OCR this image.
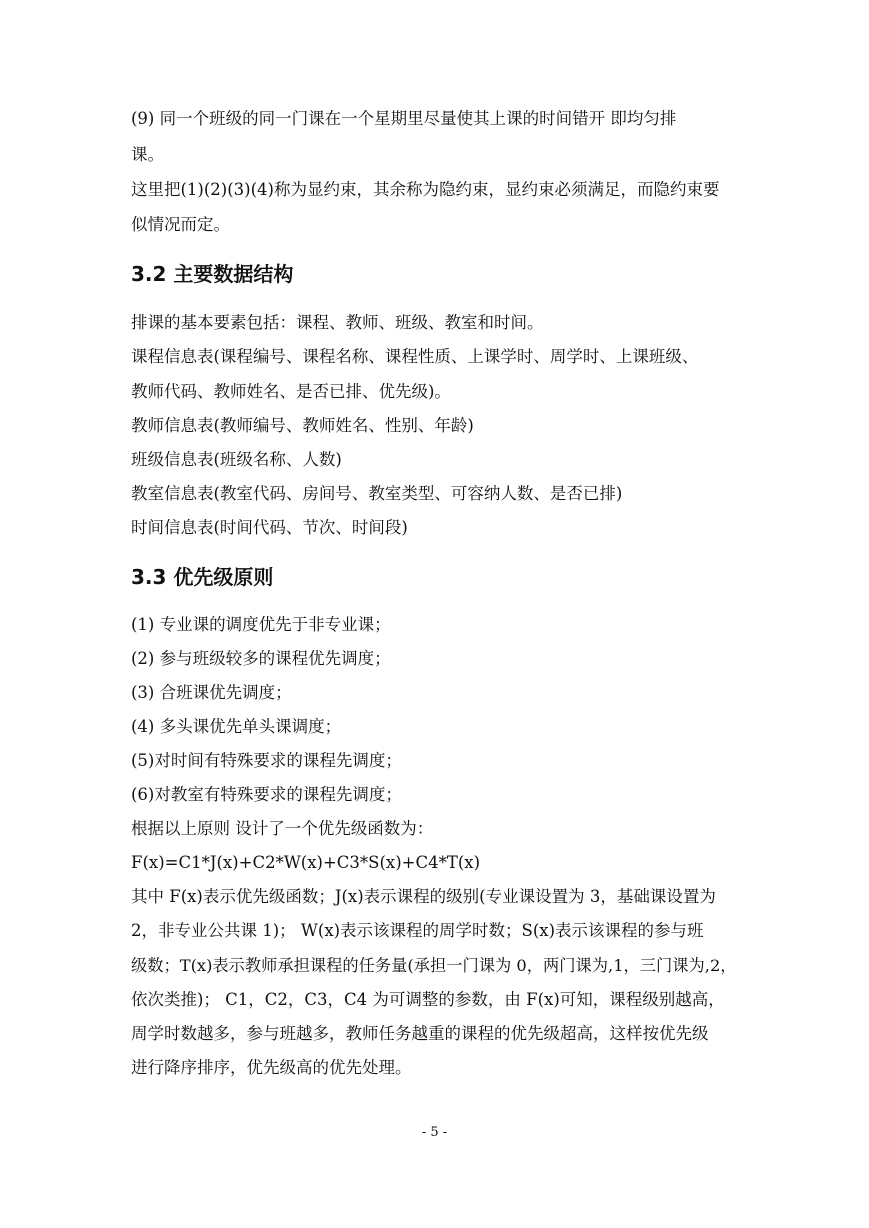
(9) 同一个班级的同一门课在一个星期里尽量使其上课的时间错开 即均匀排
课。
这里把(1)(2)(3)(4)称为显约束，其余称为隐约束，显约束必须满足，而隐约束要
似情况而定。
3.2 主要数据结构
排课的基本要素包括：课程、教师、班级、教室和时间。
课程信息表(课程编号、课程名称、课程性质、上课学时、周学时、上课班级、
教师代码、教师姓名、是否已排、优先级)。
教师信息表(教师编号、教师姓名、性别、年龄)
班级信息表(班级名称、人数)
教室信息表(教室代码、房间号、教室类型、可容纳人数、是否已排)
时间信息表(时间代码、节次、时间段)
3.3 优先级原则
(1) 专业课的调度优先于非专业课；
(2) 参与班级较多的课程优先调度；
(3) 合班课优先调度；
(4) 多头课优先单头课调度；
(5)对时间有特殊要求的课程先调度；
(6)对教室有特殊要求的课程先调度；
根据以上原则 设计了一个优先级函数为：
F(x)=C1*J(x)+C2*W(x)+C3*S(x)+C4*T(x)
其中 F(x)表示优先级函数；J(x)表示课程的级别(专业课设置为 3，基础课设置为
2，非专业公共课 1)； W(x)表示该课程的周学时数；S(x)表示该课程的参与班
级数；T(x)表示教师承担课程的任务量(承担一门课为 0，两门课为,1，三门课为,2，
依次类推)； C1，C2，C3，C4 为可调整的参数，由 F(x)可知，课程级别越高，
周学时数越多，参与班越多，教师任务越重的课程的优先级超高，这样按优先级
进行降序排序，优先级高的优先处理。
- 5 -
